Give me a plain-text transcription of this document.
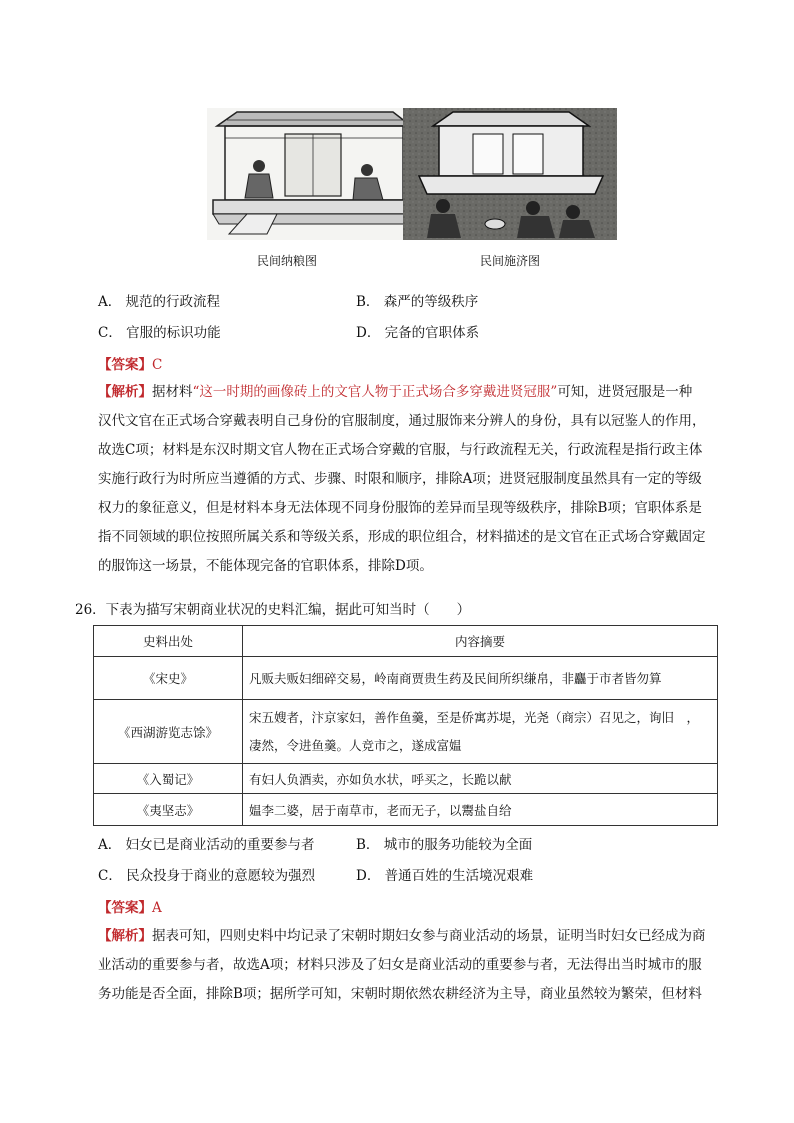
民间纳粮图	民间施济图
A． 规范的行政流程	B． 森严的等级秩序
C． 官服的标识功能	D． 完备的官职体系
【答案】C
【解析】据材料“这一时期的画像砖上的文官人物于正式场合多穿戴进贤冠服”可知，进贤冠服是一种
汉代文官在正式场合穿戴表明自己身份的官服制度，通过服饰来分辨人的身份，具有以冠鉴人的作用，
故选C项；材料是东汉时期文官人物在正式场合穿戴的官服，与行政流程无关，行政流程是指行政主体
实施行政行为时所应当遵循的方式、步骤、时限和顺序，排除A项；进贤冠服制度虽然具有一定的等级
权力的象征意义，但是材料本身无法体现不同身份服饰的差异而呈现等级秩序，排除B项；官职体系是
指不同领域的职位按照所属关系和等级关系，形成的职位组合，材料描述的是文官在正式场合穿戴固定
的服饰这一场景，不能体现完备的官职体系，排除D项。
26．下表为描写宋朝商业状况的史料汇编，据此可知当时（　　）
史料出处	内容摘要
《宋史》	凡贩夫贩妇细碎交易，岭南商贾贵生药及民间所织缣帛，非麤于市者皆勿算

《西湖游览志馀》	宋五嫂者，汴京家妇，善作鱼羹，至是侨寓苏堤，光尧（商宗）召见之，询旧　，
凄然，令进鱼羹。人竞市之，遂成富媪

《入蜀记》	有妇人负酒卖，亦如负水状，呼买之，长跪以献

《夷坚志》	媪李二婆，居于南草市，老而无子，以鬻盐自给
A． 妇女已是商业活动的重要参与者	B． 城市的服务功能较为全面
C． 民众投身于商业的意愿较为强烈	D． 普通百姓的生活境况艰难
【答案】A
【解析】据表可知，四则史料中均记录了宋朝时期妇女参与商业活动的场景，证明当时妇女已经成为商
业活动的重要参与者，故选A项；材料只涉及了妇女是商业活动的重要参与者，无法得出当时城市的服
务功能是否全面，排除B项；据所学可知，宋朝时期依然农耕经济为主导，商业虽然较为繁荣，但材料
